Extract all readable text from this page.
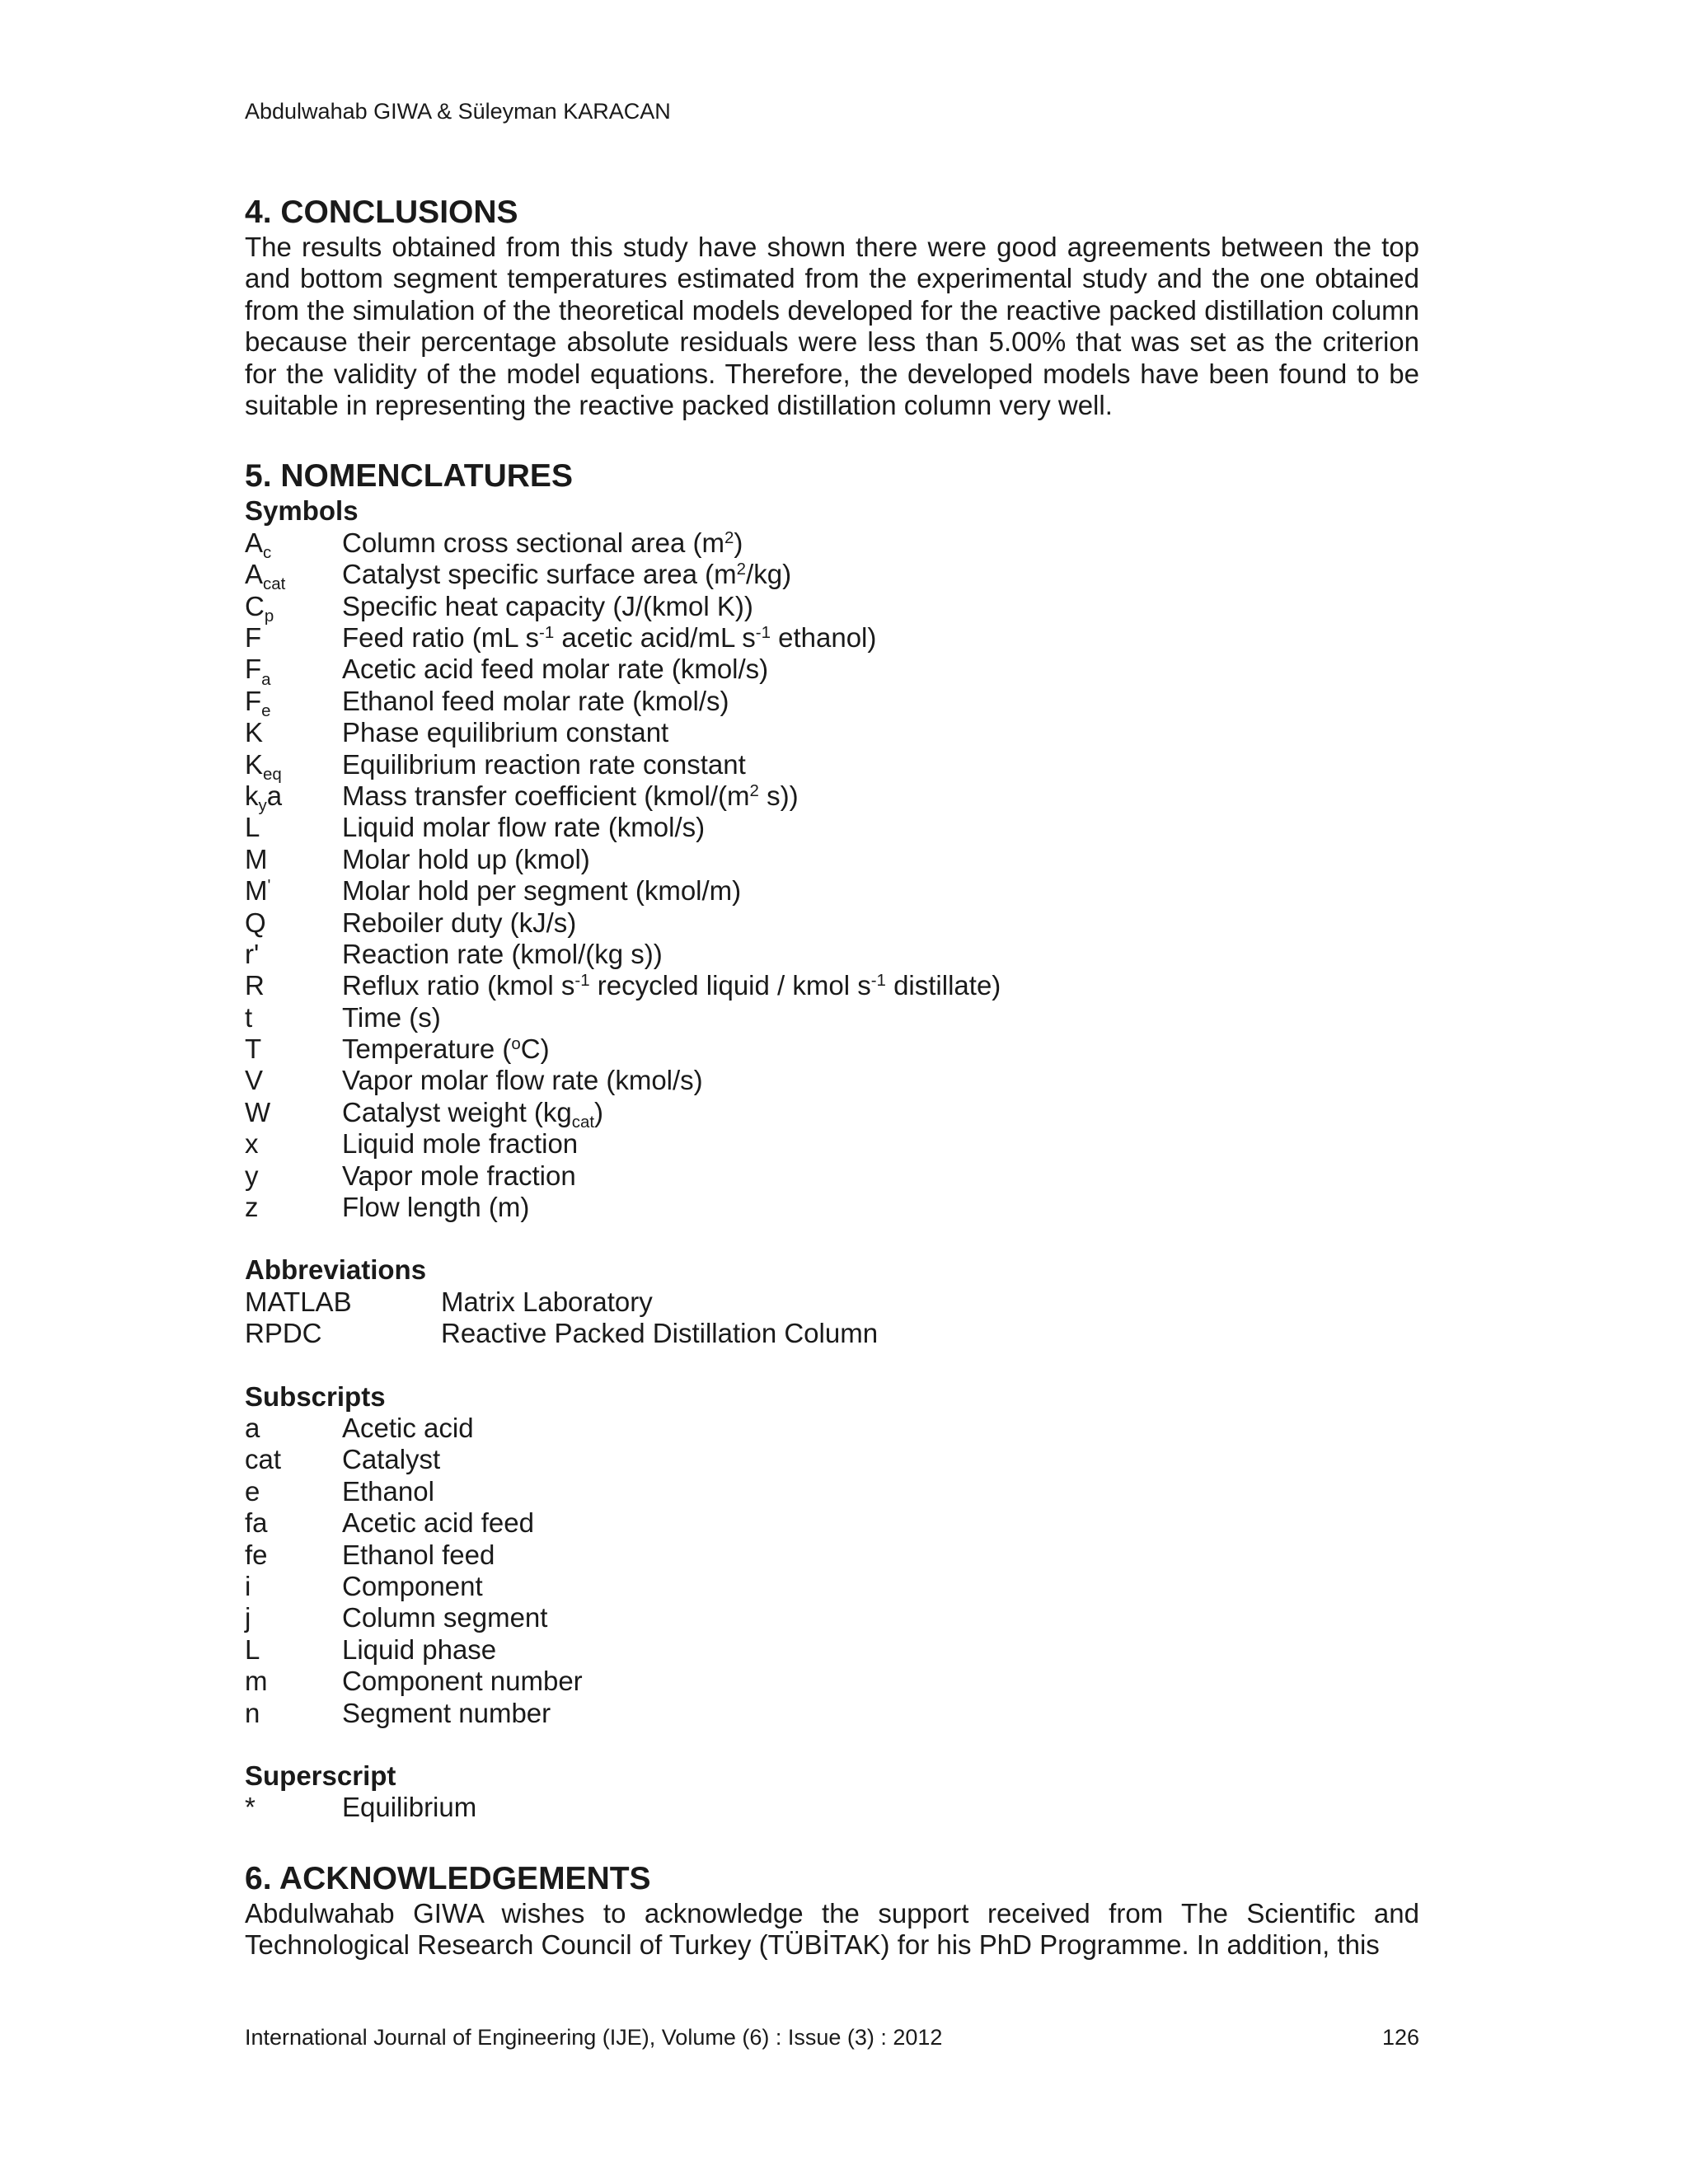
Abdulwahab GIWA & Süleyman KARACAN
4. CONCLUSIONS

The results obtained from this study have shown there were good agreements between the top and bottom segment temperatures estimated from the experimental study and the one obtained from the simulation of the theoretical models developed for the reactive packed distillation column because their percentage absolute residuals were less than 5.00% that was set as the criterion for the validity of the model equations. Therefore, the developed models have been found to be suitable in representing the reactive packed distillation column very well.

5. NOMENCLATURES
Symbols
$A_c$	Column cross sectional area $(m^2)$
$A_{cat}$	Catalyst specific surface area $(m^2/kg)$
$C_p$	Specific heat capacity (J/(kmol K))
F	Feed ratio (mL $s^{-1}$ acetic acid/mL $s^{-1}$ ethanol)
$F_a$	Acetic acid feed molar rate (kmol/s)
$F_e$	Ethanol feed molar rate (kmol/s)
K	Phase equilibrium constant
$K_{eq}$	Equilibrium reaction rate constant
$k_ya$	Mass transfer coefficient ($kmol/(m^2$ s))
L	Liquid molar flow rate (kmol/s)
M	Molar hold up (kmol)
M'	Molar hold per segment (kmol/m)
Q	Reboiler duty (kJ/s)
r'	Reaction rate (kmol/(kg s))
R	Reflux ratio (kmol $s^{-1}$ recycled liquid / kmol $s^{-1}$ distillate)
t	Time (s)
T	Temperature ($^o$C)
V	Vapor molar flow rate (kmol/s)
W	Catalyst weight $(kg_{cat})$
x	Liquid mole fraction
y	Vapor mole fraction
z	Flow length (m)
Abbreviations
MATLAB	Matrix Laboratory
RPDC	Reactive Packed Distillation Column
Subscripts
a	Acetic acid
cat	Catalyst
e	Ethanol
fa	Acetic acid feed
fe	Ethanol feed
i	Component
j	Column segment
L	Liquid phase
m	Component number
n	Segment number
Superscript
*	Equilibrium
6. ACKNOWLEDGEMENTS

Abdulwahab GIWA wishes to acknowledge the support received from The Scientific and Technological Research Council of Turkey (TÜBİTAK) for his PhD Programme. In addition, this

International Journal of Engineering (IJE), Volume (6) : Issue (3) : 2012	126
